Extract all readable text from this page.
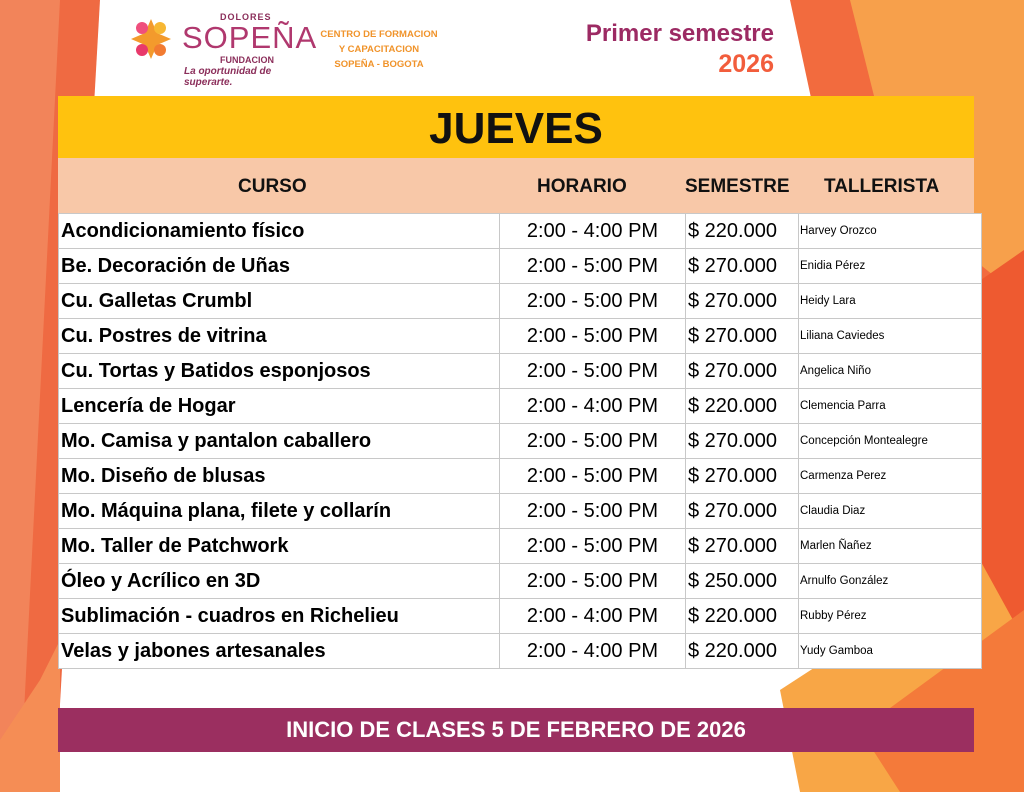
DOLORES
SOPEÑA
FUNDACION
La oportunidad de superarte.
CENTRO DE FORMACION
Y CAPACITACION
SOPEÑA - BOGOTA
Primer semestre
2026
JUEVES
CURSO	HORARIO	SEMESTRE TALLERISTA
Acondicionamiento físico	2:00 - 4:00 PM	$ 220.000	Harvey Orozco
Be. Decoración de Uñas	2:00 - 5:00 PM	$ 270.000	Enidia Pérez
Cu. Galletas Crumbl	2:00 - 5:00 PM	$ 270.000	Heidy Lara
Cu. Postres de vitrina	2:00 - 5:00 PM	$ 270.000	Liliana Caviedes
Cu. Tortas y Batidos esponjosos	2:00 - 5:00 PM	$ 270.000	Angelica Niño
Lencería de Hogar	2:00 - 4:00 PM	$ 220.000	Clemencia Parra
Mo. Camisa y pantalon caballero	2:00 - 5:00 PM	$ 270.000	Concepción Montealegre
Mo. Diseño de blusas	2:00 - 5:00 PM	$ 270.000	Carmenza Perez
Mo. Máquina plana, filete y collarín	2:00 - 5:00 PM	$ 270.000	Claudia Diaz
Mo. Taller de Patchwork	2:00 - 5:00 PM	$ 270.000	Marlen Ñañez
Óleo y Acrílico en 3D	2:00 - 5:00 PM	$ 250.000	Arnulfo González
Sublimación - cuadros en Richelieu	2:00 - 4:00 PM	$ 220.000	Rubby Pérez
Velas y jabones artesanales	2:00 - 4:00 PM	$ 220.000	Yudy Gamboa
INICIO DE CLASES 5 DE FEBRERO DE 2026
